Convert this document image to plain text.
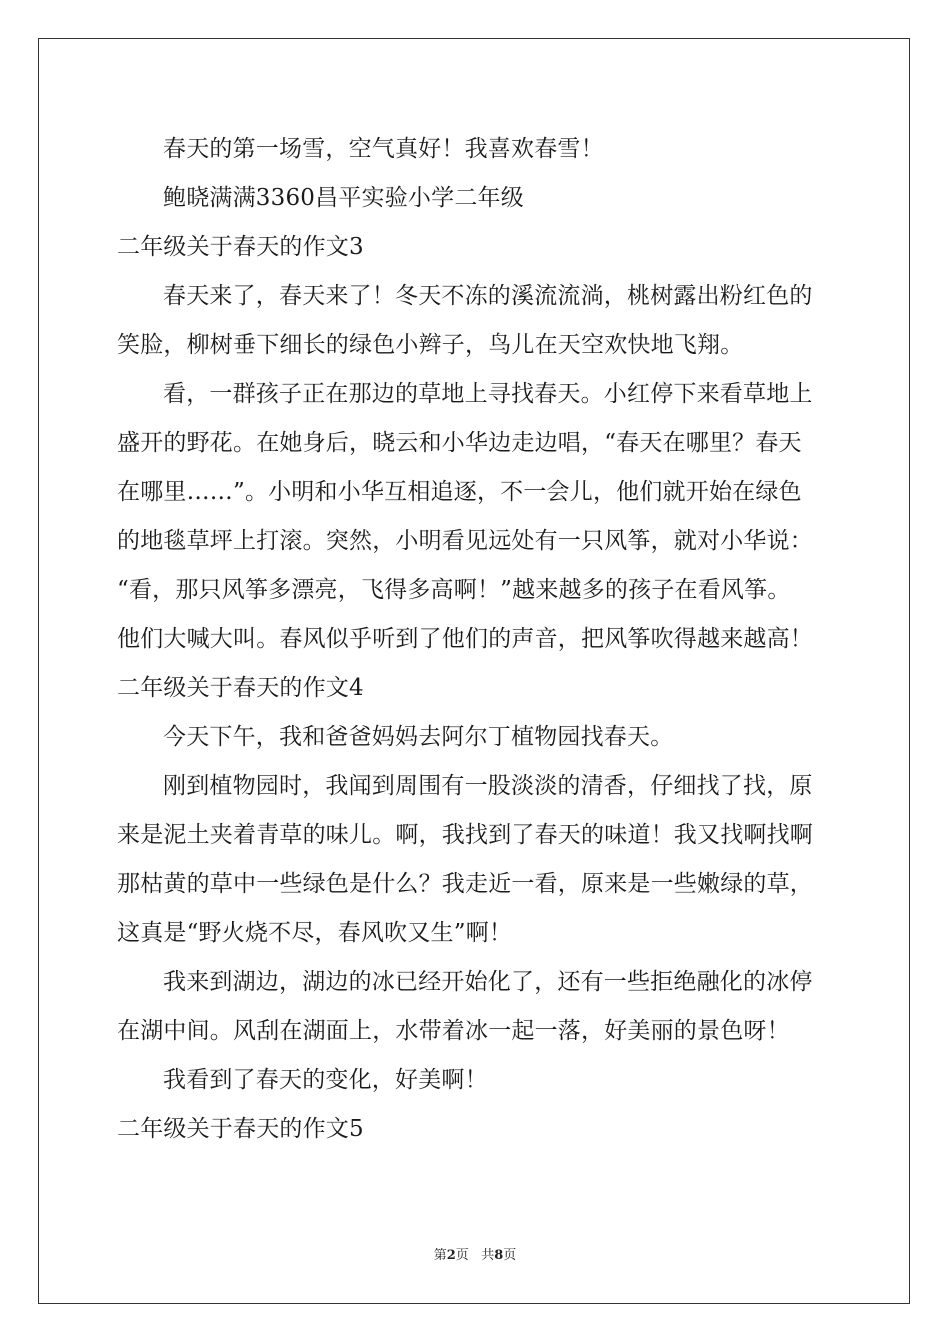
春天的第一场雪，空气真好！我喜欢春雪！
鲍晓满满3360昌平实验小学二年级
二年级关于春天的作文3
春天来了，春天来了！冬天不冻的溪流流淌，桃树露出粉红色的
笑脸，柳树垂下细长的绿色小辫子，鸟儿在天空欢快地飞翔。
看，一群孩子正在那边的草地上寻找春天。小红停下来看草地上
盛开的野花。在她身后，晓云和小华边走边唱，“春天在哪里？春天
在哪里……”。小明和小华互相追逐，不一会儿，他们就开始在绿色
的地毯草坪上打滚。突然，小明看见远处有一只风筝，就对小华说：
“看，那只风筝多漂亮，飞得多高啊！”越来越多的孩子在看风筝。
他们大喊大叫。春风似乎听到了他们的声音，把风筝吹得越来越高！
二年级关于春天的作文4
今天下午，我和爸爸妈妈去阿尔丁植物园找春天。
刚到植物园时，我闻到周围有一股淡淡的清香，仔细找了找，原
来是泥土夹着青草的味儿。啊，我找到了春天的味道！我又找啊找啊
那枯黄的草中一些绿色是什么？我走近一看，原来是一些嫩绿的草，
这真是“野火烧不尽，春风吹又生”啊！
我来到湖边，湖边的冰已经开始化了，还有一些拒绝融化的冰停
在湖中间。风刮在湖面上，水带着冰一起一落，好美丽的景色呀！
我看到了春天的变化，好美啊！
二年级关于春天的作文5
第2页 共8页
